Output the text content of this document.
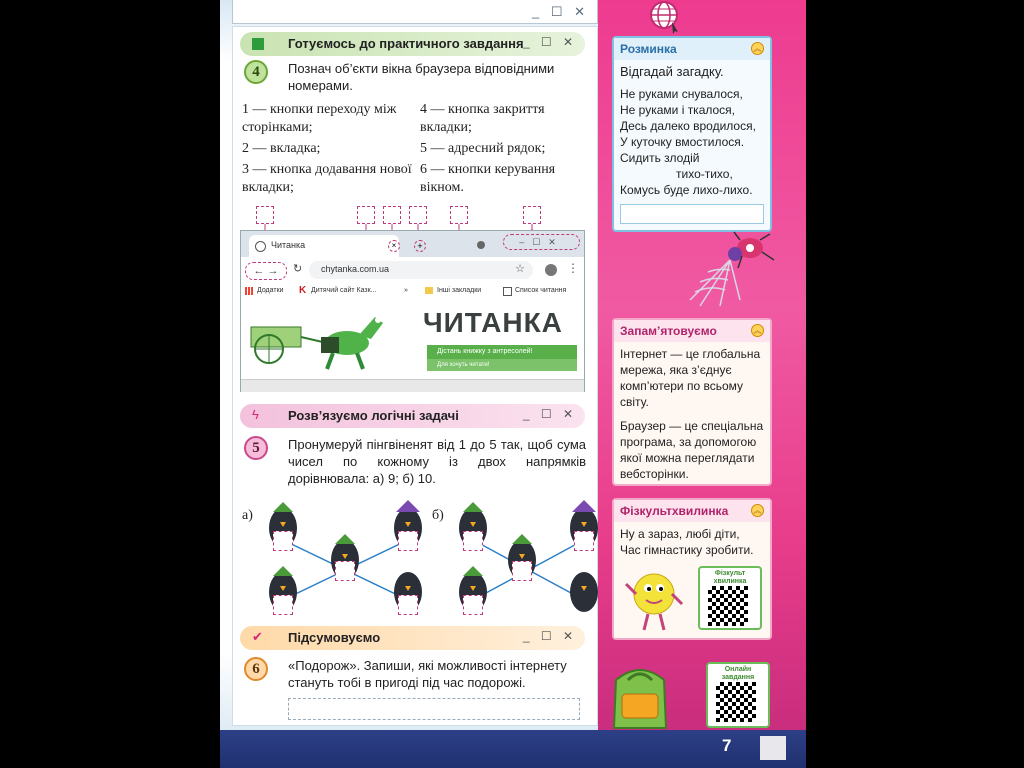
_ ☐ ✕
Готуємось до практичного завдання _ ☐ ✕
4	Познач об’єкти вікна браузера відповідними номерами.
1 — кнопки переходу між сторінками;
2 — вкладка;
3 — кнопка додавання нової вкладки;
4 — кнопка закриття вкладки;
5 — адресний рядок;
6 — кнопки керування вікном.
Читанка	×	+	–☐✕
← →	↻ chytanka.com.ua	☆	⋮
Додатки K Дитячий сайт Казк...	»	Інші закладки	Список читання
ЧИТАНКА
Дістань книжку з антресолей!
Для хочуть читати!
ϟ	Розв’язуємо логічні задачі	_ ☐ ✕
5	Пронумеруй пінгвіненят від 1 до 5 так, щоб сума чисел по кожному із двох напрямків дорівнювала: а) 9; б) 10.
а)	б)
✔ Підсумовуємо	_ ☐ ✕
6	«Подорож». Запиши, які можливості інтернету стануть тобі в пригоді під час подорожі.
Розминка	︽
Відгадай загадку.
Не руками снувалося,
Не руками і ткалося,
Десь далеко вродилося,
У куточку вмостилося.
Сидить злодій
тихо-тихо,
Комусь буде лихо-лихо.
Запам’ятовуємо	︽
Інтернет — це глобальна мережа, яка з’єднує комп’ютери по всьому світу.
Браузер — це спеціальна програма, за допомогою якої можна переглядати вебсторінки.
Фізкультхвилинка	︽
Ну а зараз, любі діти,
Час гімнастику зробити.
Фізкульт хвилинка
Онлайн завдання
7
